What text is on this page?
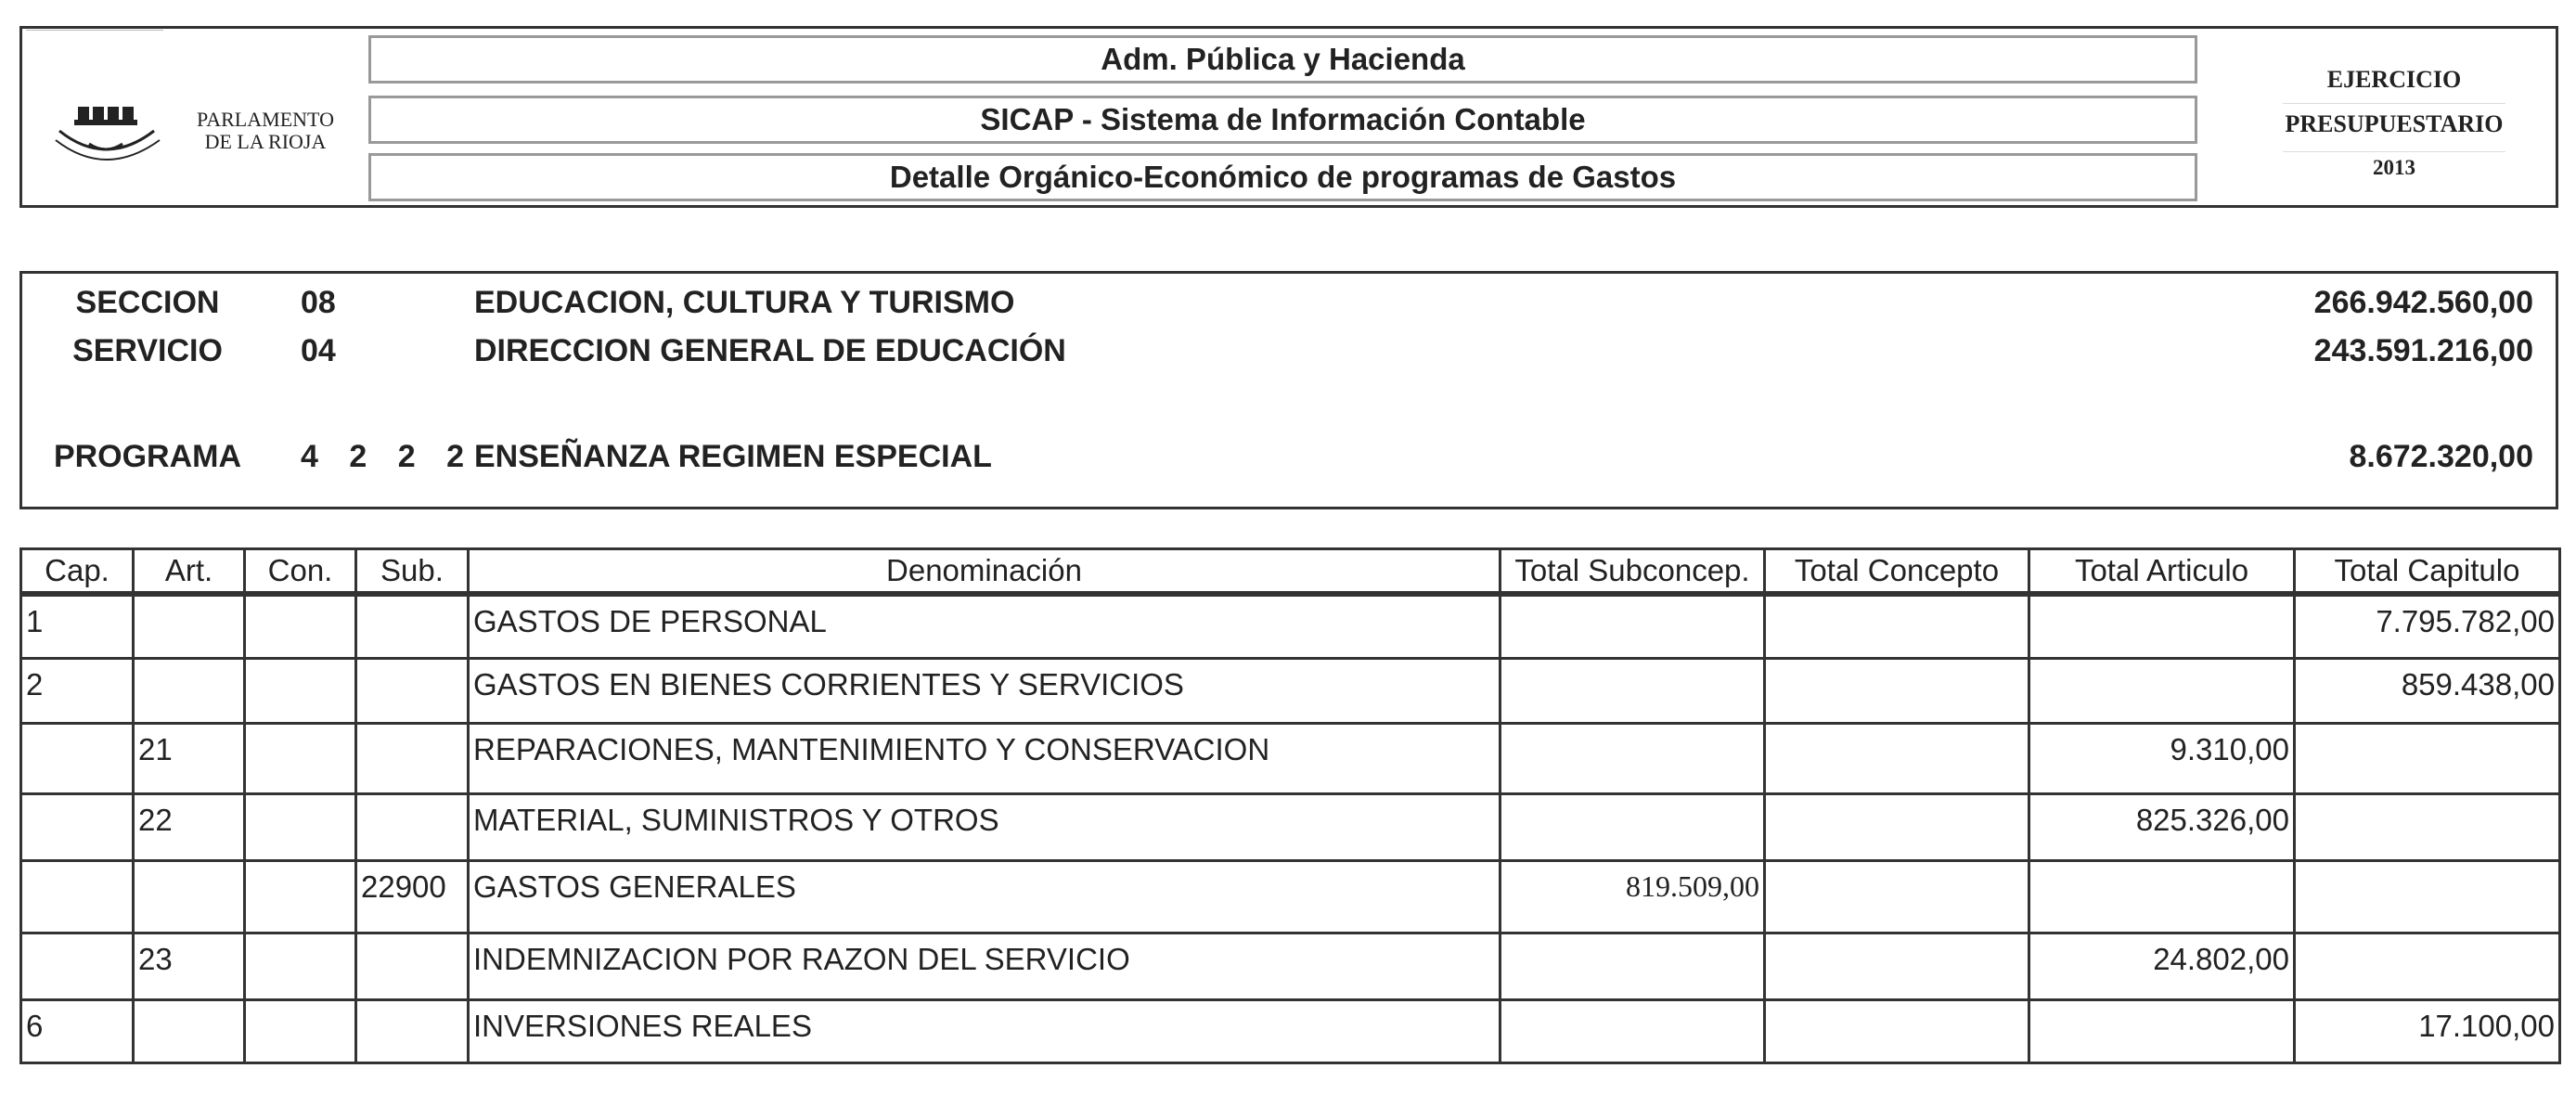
PARLAMENTO
DE LA RIOJA
Adm. Pública y Hacienda
SICAP - Sistema de Información Contable
Detalle Orgánico-Económico de programas de Gastos
EJERCICIO
PRESUPUESTARIO
2013
SECCION	08	EDUCACION, CULTURA Y TURISMO	266.942.560,00
SERVICIO	04	DIRECCION GENERAL DE EDUCACIÓN	243.591.216,00
PROGRAMA	4 2 2 2 ENSEÑANZA REGIMEN ESPECIAL	8.672.320,00
Cap.	Art.	Con.	Sub.	Denominación	Total Subconcep.	Total Concepto	Total Articulo	Total Capitulo
1				GASTOS DE PERSONAL				7.795.782,00
2				GASTOS EN BIENES CORRIENTES Y SERVICIOS				859.438,00
	21			REPARACIONES, MANTENIMIENTO Y CONSERVACION			9.310,00	
	22			MATERIAL, SUMINISTROS Y OTROS			825.326,00	
			22900	GASTOS GENERALES	819.509,00			
	23			INDEMNIZACION POR RAZON DEL SERVICIO			24.802,00	
6				INVERSIONES REALES				17.100,00
